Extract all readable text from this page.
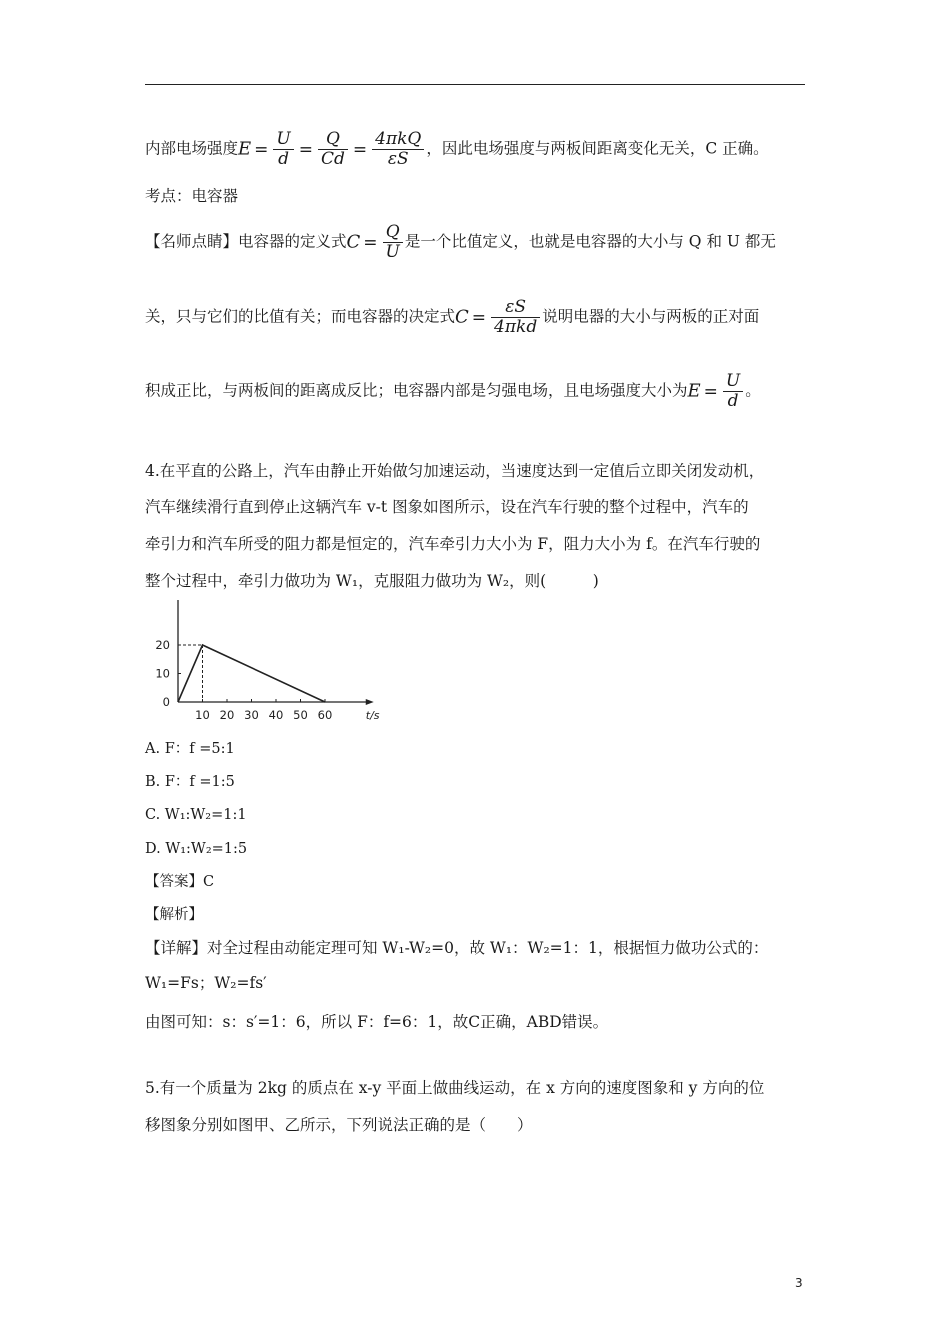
内部电场强度$E = \frac{U}{d} = \frac{Q}{Cd} = \frac{\text{4πkQ}}{\varepsilon S}$ ，因此电场强度与两板间距离变化无关，C 正确。
考点：电容器
【名师点睛】电容器的定义式$C = \frac{Q}{U}$ 是一个比值定义，也就是电容器的大小与 Q 和 U 都无
关，只与它们的比值有关；而电容器的决定式$C = \frac{\varepsilon S}{\text{4πkd}}$ 说明电器的大小与两板的正对面
积成正比，与两板间的距离成反比；电容器内部是匀强电场，且电场强度大小为$E = \frac{U}{d}$ 。
4.在平直的公路上，汽车由静止开始做匀加速运动，当速度达到一定值后立即关闭发动机，
汽车继续滑行直到停止这辆汽车 v-t 图象如图所示，设在汽车行驶的整个过程中，汽车的
牵引力和汽车所受的阻力都是恒定的，汽车牵引力大小为 F，阻力大小为 f。在汽车行驶的
整个过程中，牵引力做功为 W₁，克服阻力做功为 W₂，则(　　　)
t/s
10 20 30 40 50 60
0
10
20
A. F：f =5:1
B. F：f =1:5
C. W₁:W₂=1:1
D. W₁:W₂=1:5
【答案】C
【解析】
【详解】对全过程由动能定理可知 W₁-W₂=0，故 W₁：W₂=1：1，根据恒力做功公式的：
W₁=Fs；W₂=fs′
由图可知：s：s′=1：6，所以 F：f=6：1，故C正确，ABD错误。
5.有一个质量为 2kg 的质点在 x-y 平面上做曲线运动，在 x 方向的速度图象和 y 方向的位
移图象分别如图甲、乙所示，下列说法正确的是（　　）
3
